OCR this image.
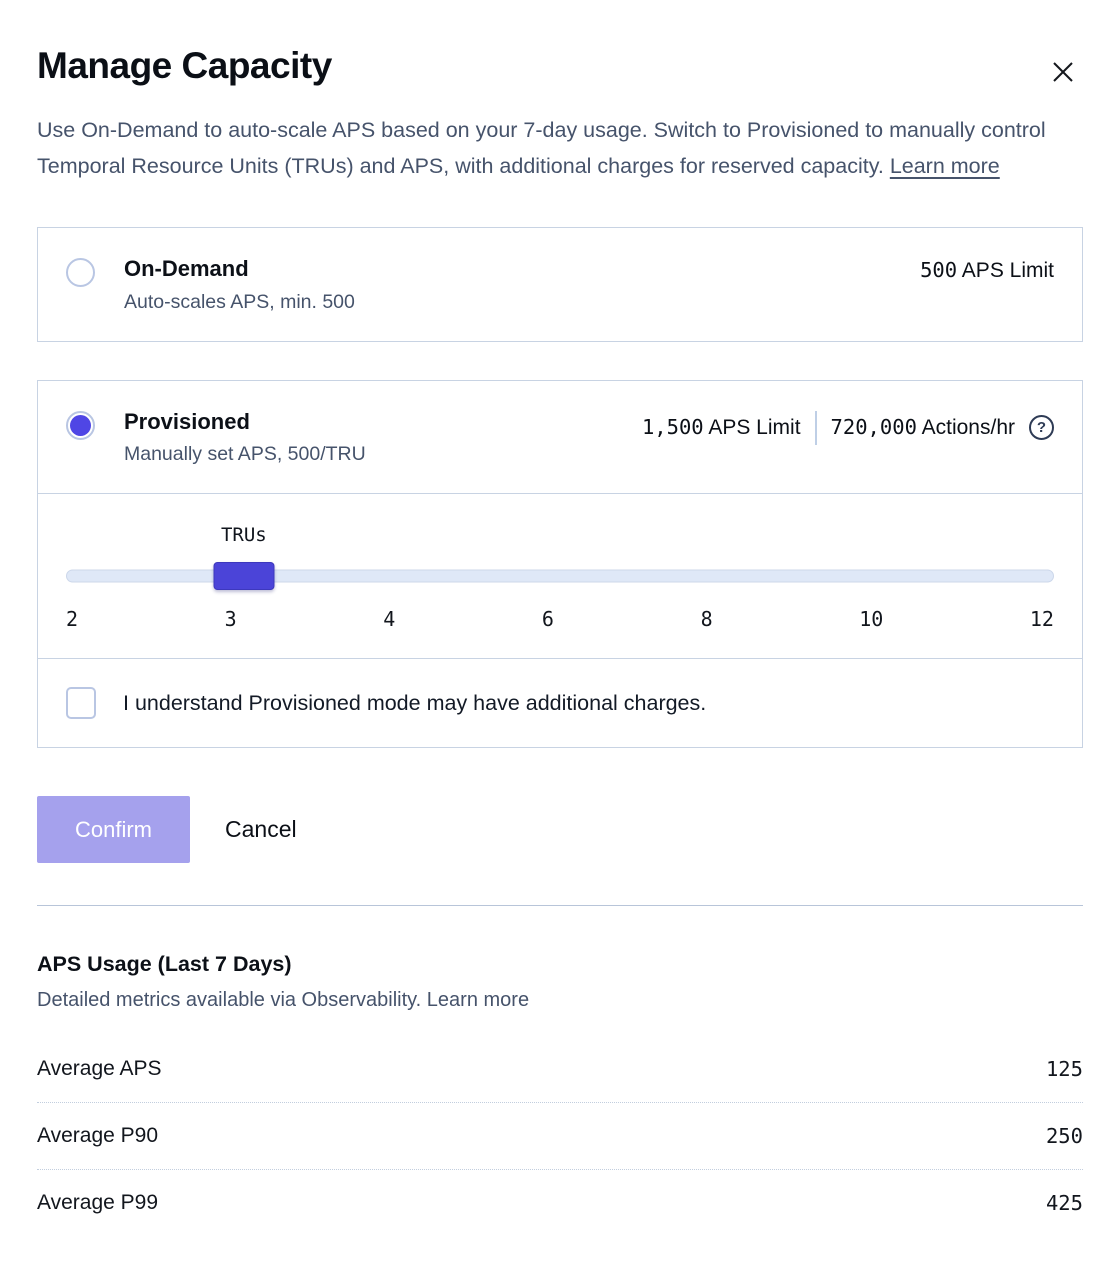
Manage Capacity

Use On-Demand to auto-scale APS based on your 7-day usage. Switch to Provisioned to manually control Temporal Resource Units (TRUs) and APS, with additional charges for reserved capacity. Learn more

On-Demand
Auto-scales APS, min. 500
500 APS Limit
Provisioned
Manually set APS, 500/TRU
1,500 APS Limit 720,000 Actions/hr	?
TRUs
2	3	4	6	8	10	12
I understand Provisioned mode may have additional charges.
Confirm	Cancel
APS Usage (Last 7 Days)
Detailed metrics available via Observability. Learn more
Average APS	125
Average P90	250
Average P99	425
